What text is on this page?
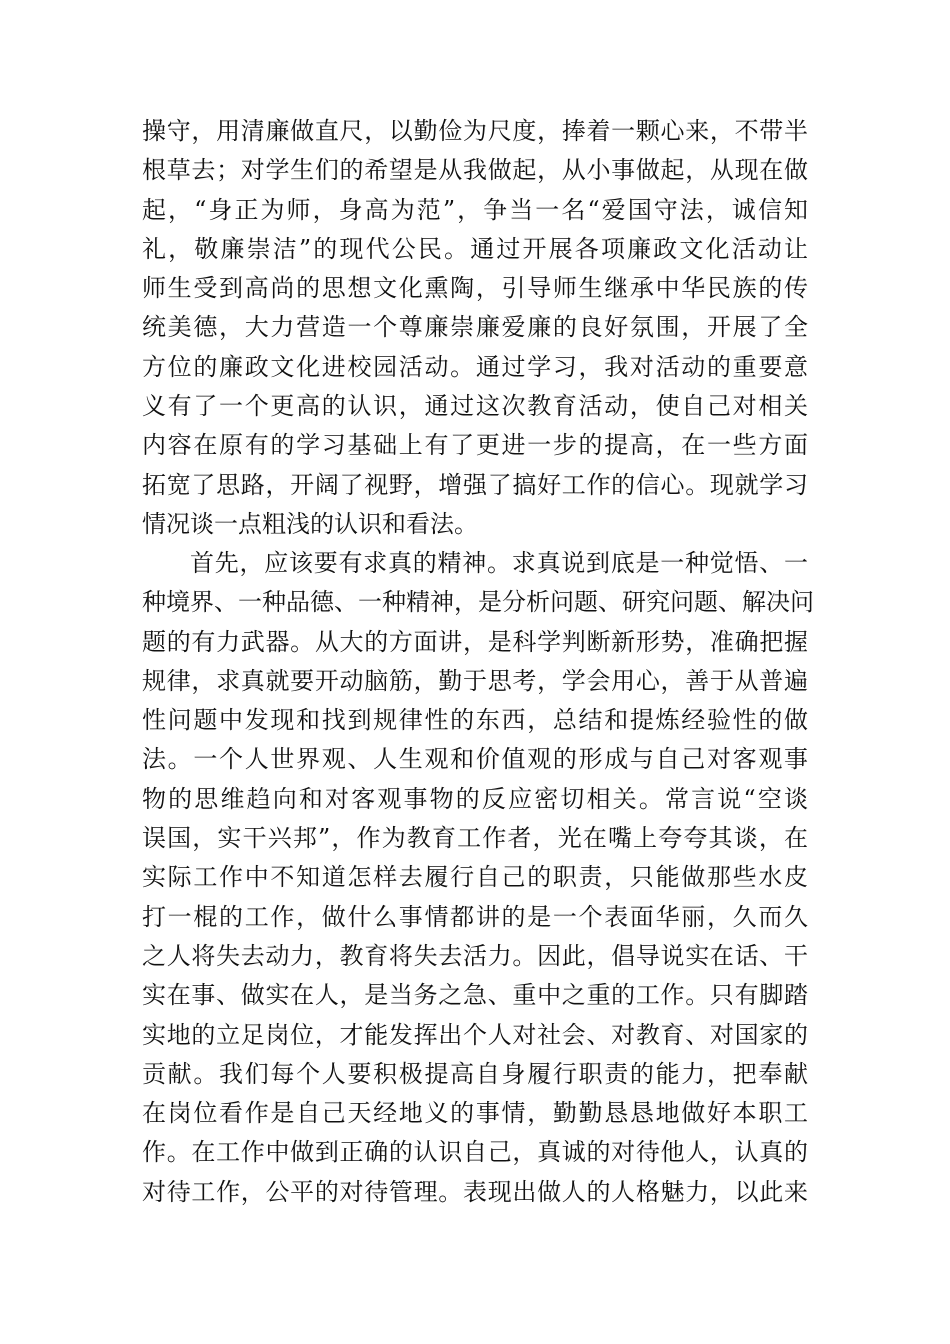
操守，用清廉做直尺，以勤俭为尺度，捧着一颗心来，不带半
根草去；对学生们的希望是从我做起，从小事做起，从现在做
起，“身正为师，身高为范”，争当一名“爱国守法，诚信知
礼，敬廉崇洁”的现代公民。通过开展各项廉政文化活动让
师生受到高尚的思想文化熏陶，引导师生继承中华民族的传
统美德，大力营造一个尊廉崇廉爱廉的良好氛围，开展了全
方位的廉政文化进校园活动。通过学习，我对活动的重要意
义有了一个更高的认识，通过这次教育活动，使自己对相关
内容在原有的学习基础上有了更进一步的提高，在一些方面
拓宽了思路，开阔了视野，增强了搞好工作的信心。现就学习
情况谈一点粗浅的认识和看法。
首先，应该要有求真的精神。求真说到底是一种觉悟、一
种境界、一种品德、一种精神，是分析问题、研究问题、解决问
题的有力武器。从大的方面讲，是科学判断新形势，准确把握
规律，求真就要开动脑筋，勤于思考，学会用心，善于从普遍
性问题中发现和找到规律性的东西，总结和提炼经验性的做
法。一个人世界观、人生观和价值观的形成与自己对客观事
物的思维趋向和对客观事物的反应密切相关。常言说“空谈
误国，实干兴邦”，作为教育工作者，光在嘴上夸夸其谈，在
实际工作中不知道怎样去履行自己的职责，只能做那些水皮
打一棍的工作，做什么事情都讲的是一个表面华丽，久而久
之人将失去动力，教育将失去活力。因此，倡导说实在话、干
实在事、做实在人，是当务之急、重中之重的工作。只有脚踏
实地的立足岗位，才能发挥出个人对社会、对教育、对国家的
贡献。我们每个人要积极提高自身履行职责的能力，把奉献
在岗位看作是自己天经地义的事情，勤勤恳恳地做好本职工
作。在工作中做到正确的认识自己，真诚的对待他人，认真的
对待工作，公平的对待管理。表现出做人的人格魅力，以此来
